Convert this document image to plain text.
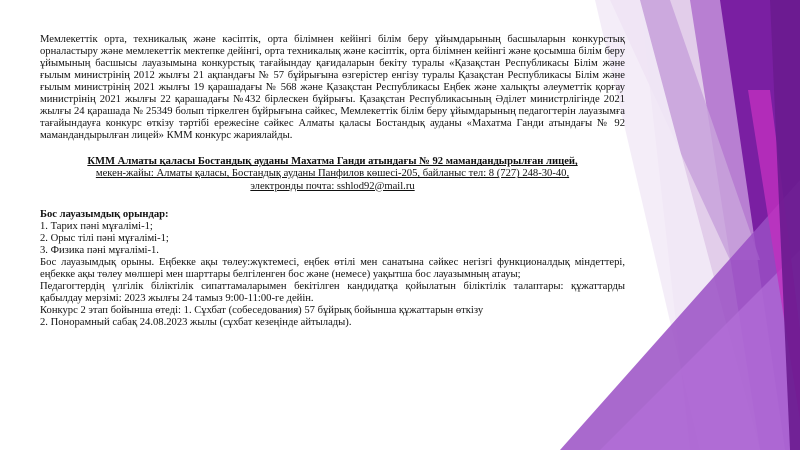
Мемлекеттік орта, техникалық және кәсіптік, орта білімнен кейінгі білім беру ұйымдарының басшыларын конкурстық орналастыру және мемлекеттік мектепке дейінгі, орта техникалық және кәсіптік, орта білімнен кейінгі және қосымша білім беру ұйымының басшысы лауазымына конкурстық тағайындау қағидаларын бекіту туралы «Қазақстан Республикасы Білім және ғылым министрінің 2012 жылғы 21 ақпандағы № 57 бұйрығына өзгерістер енгізу туралы Қазақстан Республикасы Білім және ғылым министрінің 2021 жылғы 19 қарашадағы № 568 және Қазақстан Республикасы Еңбек және халықты әлеуметтік қорғау министрінің 2021 жылғы 22 қарашадағы №432 бірлескен бұйрығы. Қазақстан Республикасының Әділет министрлігінде 2021 жылғы 24 қарашада № 25349 болып тіркелген бұйрығына сәйкес, Мемлекеттік білім беру ұйымдарының педагогтерін лауазымға тағайындауға конкурс өткізу тәртібі ережесіне сәйкес Алматы қаласы Бостандық ауданы «Махатма Ганди атындағы № 92 мамандандырылған лицей» КММ конкурс жариялайды.

КММ Алматы қаласы Бостандық ауданы Махатма Ганди атындағы № 92 мамандандырылған лицей,
мекен-жайы: Алматы қаласы, Бостандық ауданы Панфилов көшесі-205, байланыс тел: 8 (727) 248-30-40,
электронды почта: sshlod92@mail.ru
Бос лауазымдық орындар:
1. Тарих пәні мұғалімі-1;
2. Орыс тілі пәні мұғалімі-1;
3. Физика пәні мұғалімі-1.

Бос лауазымдық орыны. Еңбекке ақы төлеу:жүктемесі, еңбек өтілі мен санатына сәйкес негізгі функционалдық міндеттері, еңбекке ақы төлеу мөлшері мен шарттары белгіленген бос және (немесе) уақытша бос лауазымның атауы;

Педагогтердің үлгілік біліктілік сипаттамаларымен бекітілген кандидатқа қойылатын біліктілік талаптары: құжаттарды қабылдау мерзімі: 2023 жылғы 24 тамыз 9:00-11:00-ге дейін.

Конкурс 2 этап бойынша өтеді: 1. Сұхбат (собеседования) 57 бұйрық бойынша құжаттарын өткізу
2. Понорамный сабақ 24.08.2023 жылы (сұхбат кезеңінде айтылады).
